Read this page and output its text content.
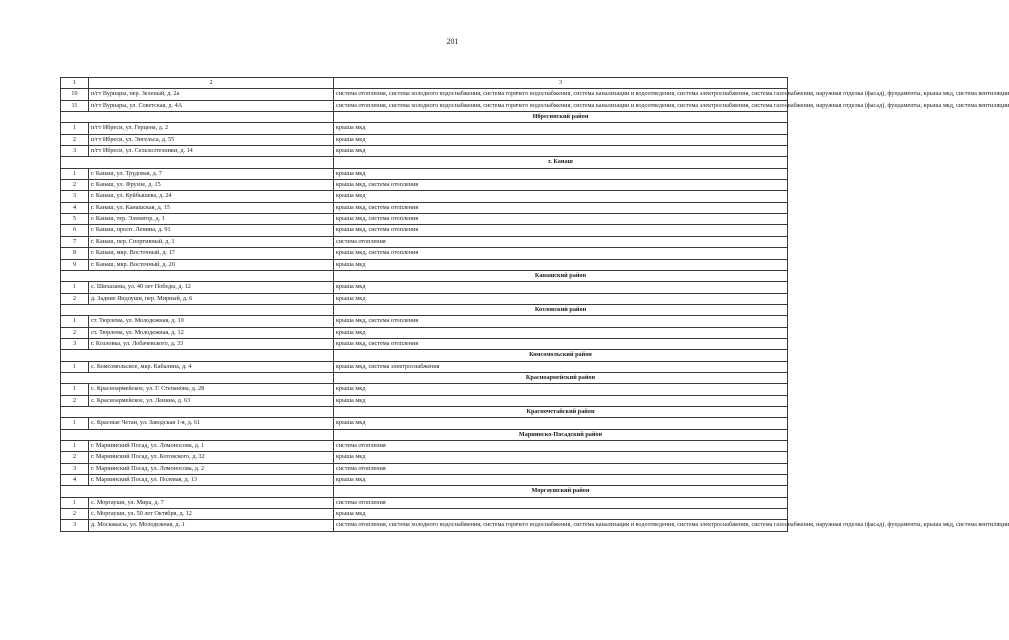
201
1	2	3
10	п/гт Вурнары, пер. Зеленый, д. 2а	система отопления, система холодного водоснабжения, система горячего водоснабжения, система канализации и водоотведения, система электроснабжения, система газоснабжения, наружная отделка (фасад), фундаменты, крыша мкд, система вентиляции
11	п/гт Вурнары, ул. Советская, д. 4А	система отопления, система холодного водоснабжения, система горячего водоснабжения, система канализации и водоотведения, система электроснабжения, система газоснабжения, наружная отделка (фасад), фундаменты, крыша мкд, система вентиляции
		Ибресинский район
1	п/гт Ибреси, ул. Герцена, д. 2	крыша мкд
2	п/гт Ибреси, ул. Энгельса, д. 55	крыша мкд
3	п/гт Ибреси, ул. Сельхозтехники, д. 14	крыша мкд
		г. Канаш
1	г. Канаш, ул. Трудовая, д. 7	крыша мкд
2	г. Канаш, ул. Фрунзе, д. 15	крыша мкд, система отопления
3	г. Канаш, ул. Куйбышева, д. 24	крыша мкд
4	г. Канаш, ул. Канашская, д. 15	крыша мкд, система отопления
5	г. Канаш, тер. Элеватор, д. 1	крыша мкд, система отопления
6	г. Канаш, просп. Ленина, д. 91	крыша мкд, система отопления
7	г. Канаш, пер. Спортивный, д. 1	система отопления
8	г. Канаш, мкр. Восточный, д. 17	крыша мкд, система отопления
9	г. Канаш, мкр. Восточный, д. 20	крыша мкд
		Канашский район
1	с. Шихазаны, ул. 40 лет Победы, д. 12	крыша мкд
2	д. Задние Яндоуши, пер. Мирный, д. 6	крыша мкд
		Козловский район
1	ст. Тюрлема, ул. Молодежная, д. 10	крыша мкд, система отопления
2	ст. Тюрлема, ул. Молодежная, д. 12	крыша мкд
3	г. Козловка, ул. Лобачевского, д. 33	крыша мкд, система отопления
		Комсомольский район
1	с. Комсомольское, мкр. Кабалина, д. 4	крыша мкд, система электроснабжения
		Красноармейский район
1	с. Красноармейское, ул. Г. Степанова, д. 28	крыша мкд
2	с. Красноармейское, ул. Ленина, д. 63	крыша мкд
		Красночетайский район
1	с. Красные Четаи, ул. Заводская 1-я, д. 61	крыша мкд
		Мариинско-Посадский район
1	г. Мариинский Посад, ул. Ломоносова, д. 1	система отопления
2	г. Мариинский Посад, ул. Котовского, д. 32	крыша мкд
3	г. Мариинский Посад, ул. Ломоносова, д. 2	система отопления
4	г. Мариинский Посад, ул. Полевая, д. 13	крыша мкд
		Моргаушский район
1	с. Моргауши, ул. Мира, д. 7	система отопления
2	с. Моргауши, ул. 50 лет Октября, д. 12	крыша мкд
3	д. Москакасы, ул. Молодежная, д. 1	система отопления, система холодного водоснабжения, система горячего водоснабжения, система канализации и водоотведения, система электроснабжения, система газоснабжения, наружная отделка (фасад), фундаменты, крыша мкд, система вентиляции
